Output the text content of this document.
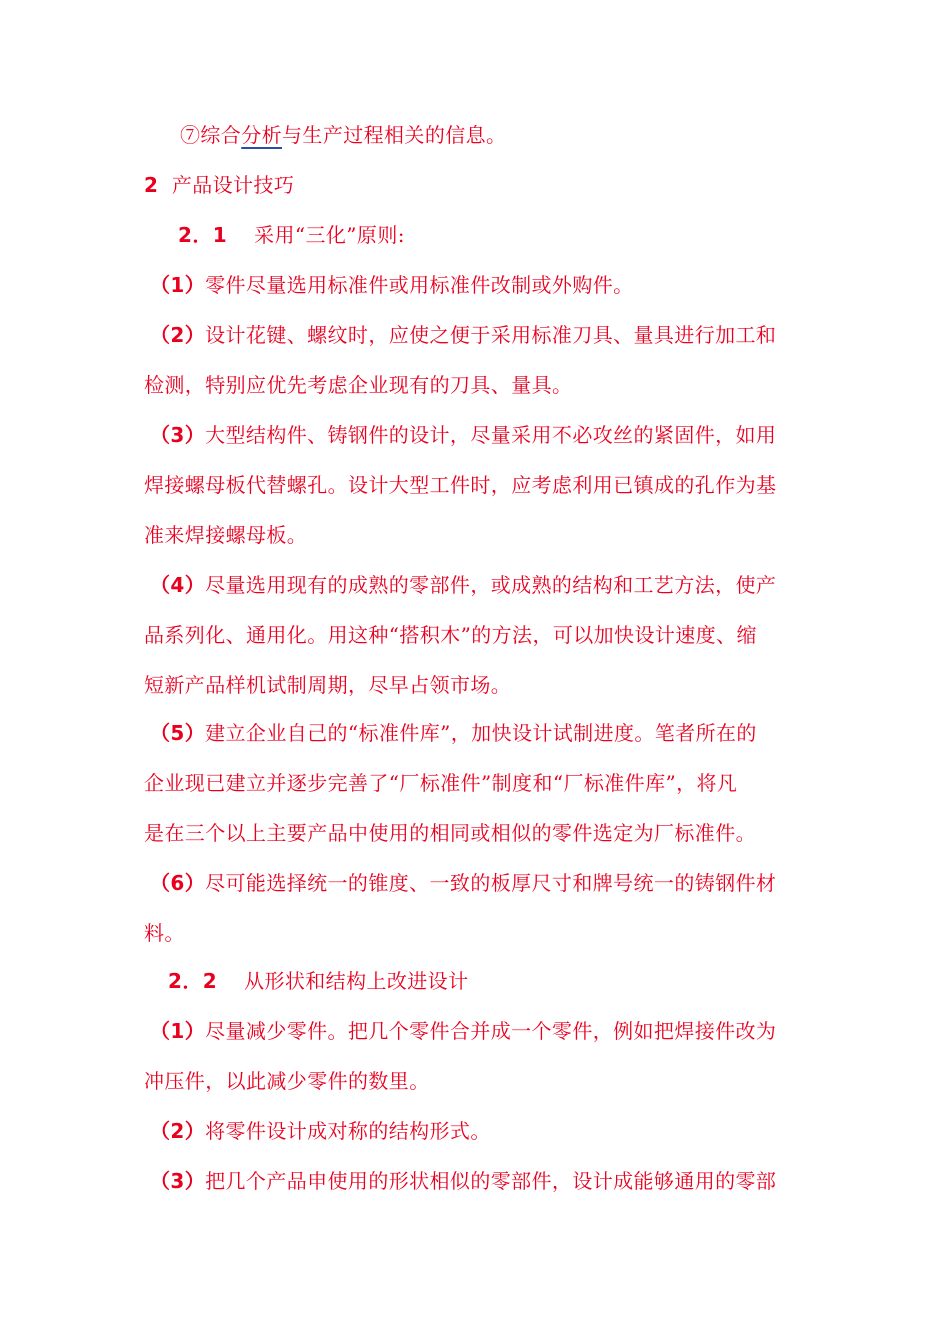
⑦综合分析与生产过程相关的信息。
2 产品设计技巧
2．1 采用“三化”原则:
（1）零件尽量选用标准件或用标准件改制或外购件。
（2）设计花键、螺纹时，应使之便于采用标准刀具、量具进行加工和
检测，特别应优先考虑企业现有的刀具、量具。
（3）大型结构件、铸钢件的设计，尽量采用不必攻丝的紧固件，如用
焊接螺母板代替螺孔。设计大型工件时，应考虑利用已镇成的孔作为基
准来焊接螺母板。
（4）尽量选用现有的成熟的零部件，或成熟的结构和工艺方法，使产
品系列化、通用化。用这种“搭积木”的方法，可以加快设计速度、缩
短新产品样机试制周期，尽早占领市场。
（5）建立企业自己的“标准件库”，加快设计试制进度。笔者所在的
企业现已建立并逐步完善了“厂标准件”制度和“厂标准件库”，将凡
是在三个以上主要产品中使用的相同或相似的零件选定为厂标准件。
（6）尽可能选择统一的锥度、一致的板厚尺寸和牌号统一的铸钢件材
料。
2．2 从形状和结构上改进设计
（1）尽量减少零件。把几个零件合并成一个零件，例如把焊接件改为
冲压件，以此减少零件的数里。
（2）将零件设计成对称的结构形式。
（3）把几个产品申使用的形状相似的零部件，设计成能够通用的零部
